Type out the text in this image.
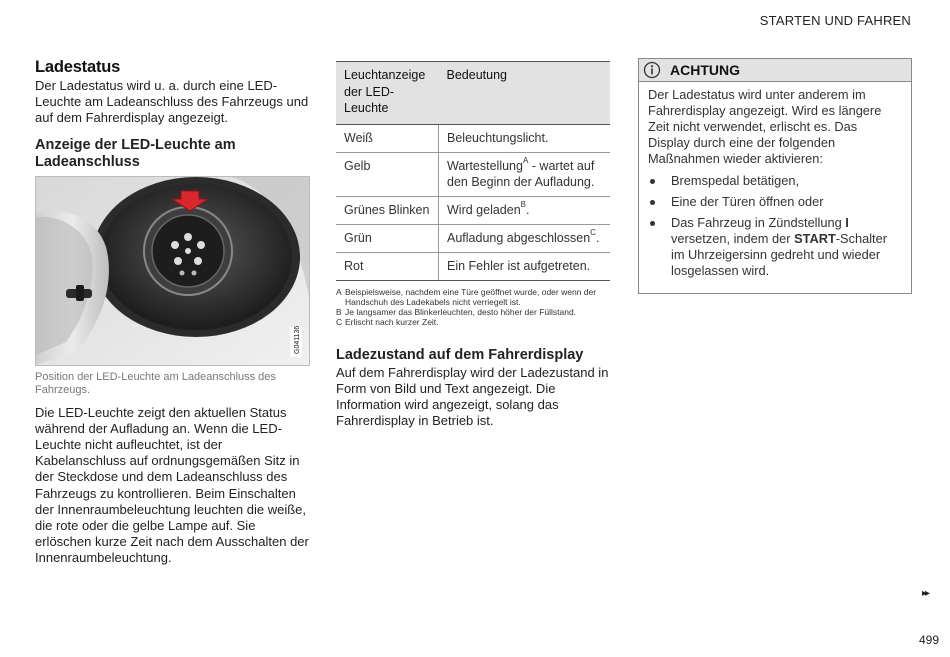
STARTEN UND FAHREN
Ladestatus

Der Ladestatus wird u. a. durch eine LED-Leuchte am Ladeanschluss des Fahrzeugs und auf dem Fahrerdisplay angezeigt.

Anzeige der LED-Leuchte am Ladeanschluss
G041136

Position der LED-Leuchte am Ladeanschluss des Fahrzeugs.

Die LED-Leuchte zeigt den aktuellen Status während der Aufladung an. Wenn die LED-Leuchte nicht aufleuchtet, ist der Kabelanschluss auf ordnungsgemäßen Sitz in der Steckdose und dem Ladeanschluss des Fahrzeugs zu kontrollieren. Beim Einschalten der Innenraumbeleuchtung leuchten die weiße, die rote oder die gelbe Lampe auf. Sie erlöschen kurze Zeit nach dem Ausschalten der Innenraumbeleuchtung.

Leuchtanzeige der LED-Leuchte	Bedeutung
Weiß	Beleuchtungslicht.
Gelb	Wartestellung$^A$ - wartet auf den Beginn der Aufladung.
Grünes Blinken	Wird geladen$^B$.
Grün	Aufladung abgeschlossen$^C$.
Rot	Ein Fehler ist aufgetreten.
A Beispielsweise, nachdem eine Türe geöffnet wurde, oder wenn der Handschuh des Ladekabels nicht verriegelt ist.
B Je langsamer das Blinkerleuchten, desto höher der Füllstand.
C Erlischt nach kurzer Zeit.
Ladezustand auf dem Fahrerdisplay

Auf dem Fahrerdisplay wird der Ladezustand in Form von Bild und Text angezeigt. Die Information wird angezeigt, solang das Fahrerdisplay in Betrieb ist.

ACHTUNG
Der Ladestatus wird unter anderem im Fahrerdisplay angezeigt. Wird es längere Zeit nicht verwendet, erlischt es. Das Display durch eine der folgenden Maßnahmen wieder aktivieren:
Bremspedal betätigen,
Eine der Türen öffnen oder
Das Fahrzeug in Zündstellung I versetzen, indem der START-Schalter im Uhrzeigersinn gedreht und wieder losgelassen wird.
▸▸
499
